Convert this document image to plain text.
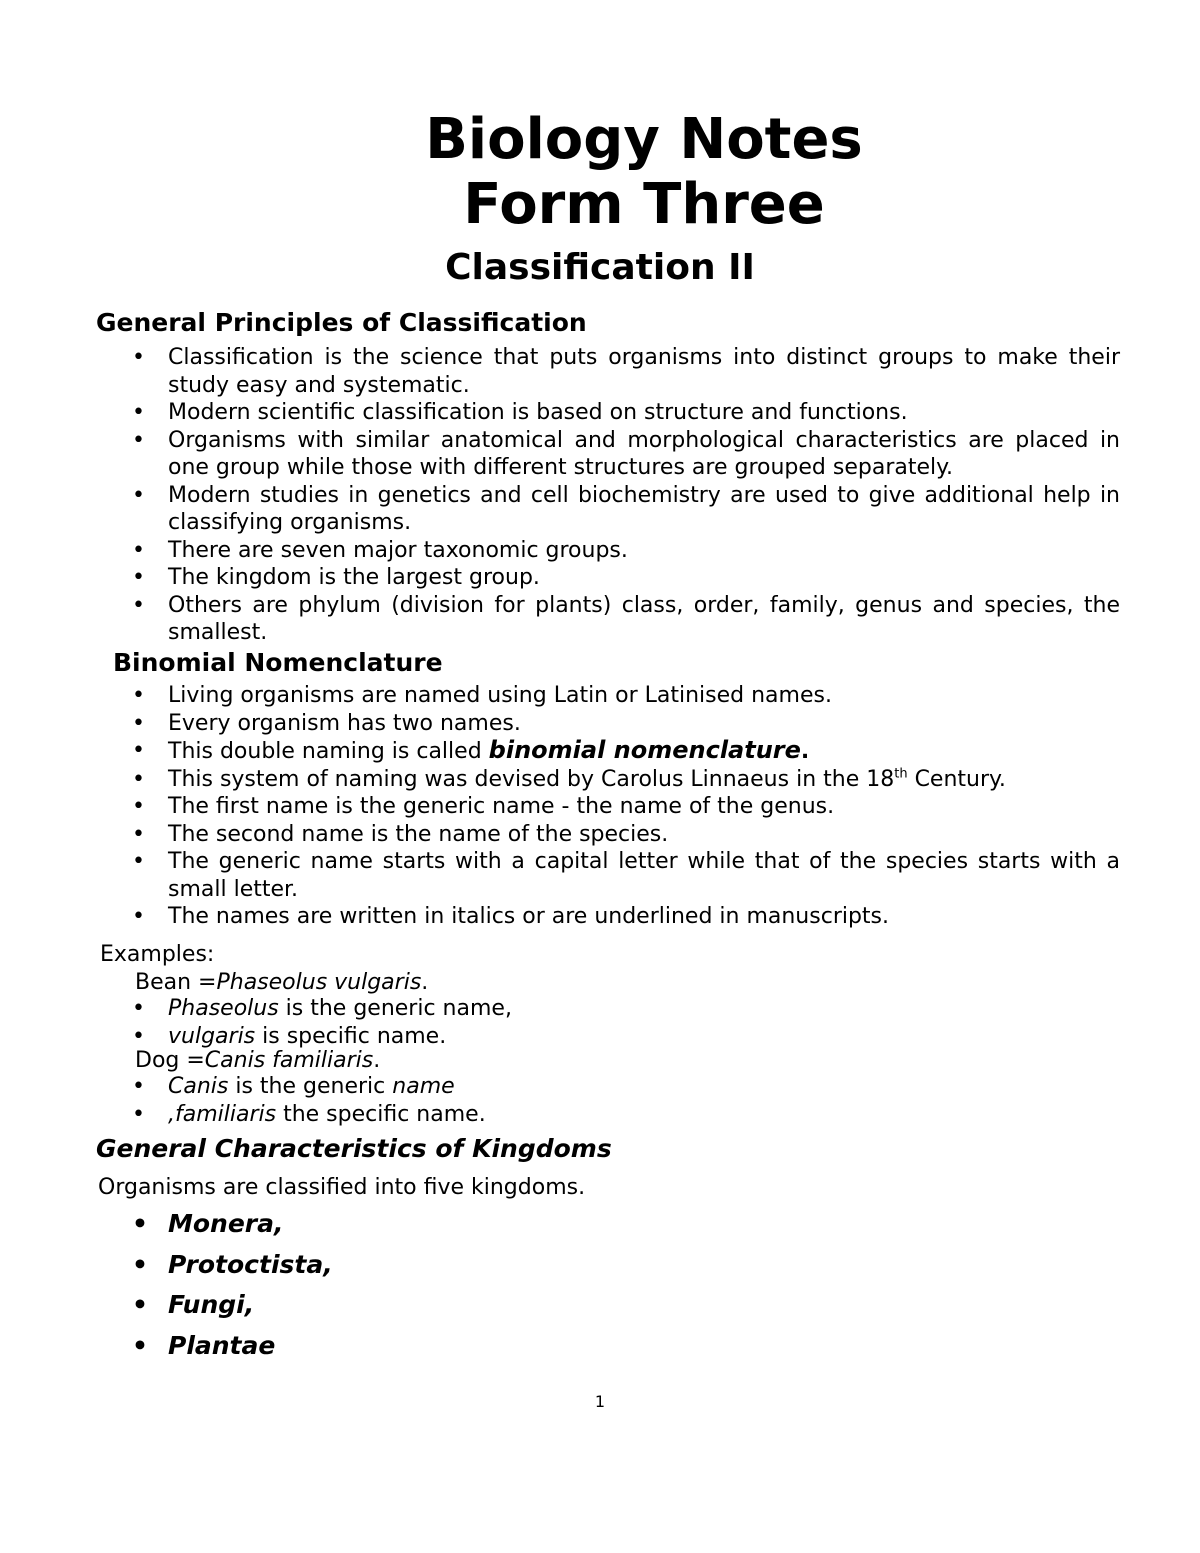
Biology Notes
Form Three
Classification II
General Principles of Classification
• Classification is the science that puts organisms into distinct groups to make their study easy and systematic.
• Modern scientific classification is based on structure and functions.
• Organisms with similar anatomical and morphological characteristics are placed in one group while those with different structures are grouped separately.
• Modern studies in genetics and cell biochemistry are used to give additional help in classifying organisms.
• There are seven major taxonomic groups.
• The kingdom is the largest group.
• Others are phylum (division for plants) class, order, family, genus and species, the smallest.
Binomial Nomenclature
• Living organisms are named using Latin or Latinised names.
• Every organism has two names.
• This double naming is called binomial nomenclature.
• This system of naming was devised by Carolus Linnaeus in the 18th Century.
• The first name is the generic name - the name of the genus.
• The second name is the name of the species.
• The generic name starts with a capital letter while that of the species starts with a small letter.
• The names are written in italics or are underlined in manuscripts.

Examples:

Bean =Phaseolus vulgaris.

• Phaseolus is the generic name,
• vulgaris is specific name.

Dog =Canis familiaris.

• Canis is the generic name
• ,familiaris the specific name.
General Characteristics of Kingdoms

Organisms are classified into five kingdoms.

• Monera,
• Protoctista,
• Fungi,
• Plantae
1
